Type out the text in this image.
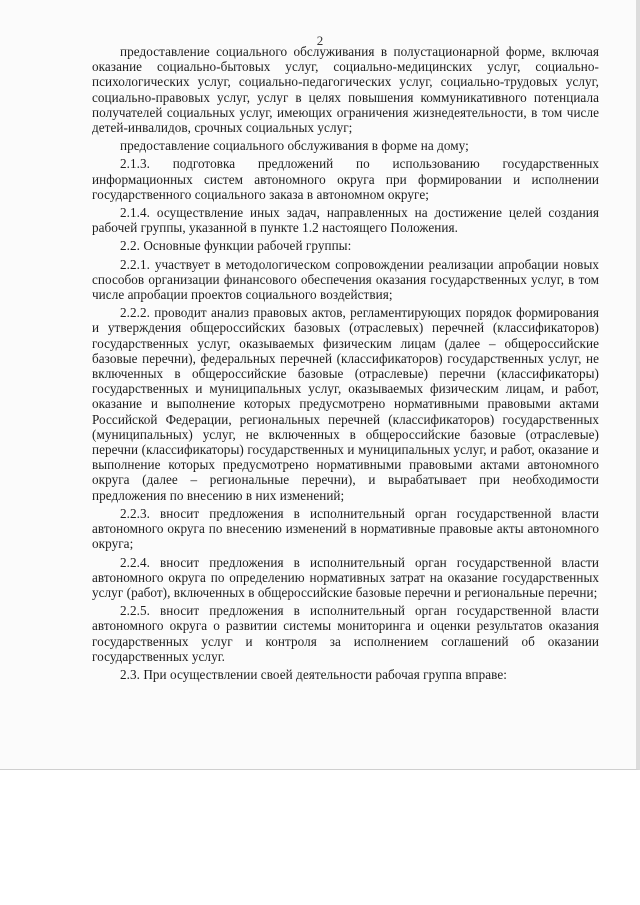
2

предоставление социального обслуживания в полустационарной форме, включая оказание социально-бытовых услуг, социально-медицинских услуг, социально-психологических услуг, социально-педагогических услуг, социально-трудовых услуг, социально-правовых услуг, услуг в целях повышения коммуникативного потенциала получателей социальных услуг, имеющих ограничения жизнедеятельности, в том числе детей-инвалидов, срочных социальных услуг;

предоставление социального обслуживания в форме на дому;

2.1.3. подготовка предложений по использованию государственных информационных систем автономного округа при формировании и исполнении государственного социального заказа в автономном округе;

2.1.4. осуществление иных задач, направленных на достижение целей создания рабочей группы, указанной в пункте 1.2 настоящего Положения.

2.2. Основные функции рабочей группы:

2.2.1. участвует в методологическом сопровождении реализации апробации новых способов организации финансового обеспечения оказания государственных услуг, в том числе апробации проектов социального воздействия;

2.2.2. проводит анализ правовых актов, регламентирующих порядок формирования и утверждения общероссийских базовых (отраслевых) перечней (классификаторов) государственных услуг, оказываемых физическим лицам (далее – общероссийские базовые перечни), федеральных перечней (классификаторов) государственных услуг, не включенных в общероссийские базовые (отраслевые) перечни (классификаторы) государственных и муниципальных услуг, оказываемых физическим лицам, и работ, оказание и выполнение которых предусмотрено нормативными правовыми актами Российской Федерации, региональных перечней (классификаторов) государственных (муниципальных) услуг, не включенных в общероссийские базовые (отраслевые) перечни (классификаторы) государственных и муниципальных услуг, и работ, оказание и выполнение которых предусмотрено нормативными правовыми актами автономного округа (далее – региональные перечни), и вырабатывает при необходимости предложения по внесению в них изменений;

2.2.3. вносит предложения в исполнительный орган государственной власти автономного округа по внесению изменений в нормативные правовые акты автономного округа;

2.2.4. вносит предложения в исполнительный орган государственной власти автономного округа по определению нормативных затрат на оказание государственных услуг (работ), включенных в общероссийские базовые перечни и региональные перечни;

2.2.5. вносит предложения в исполнительный орган государственной власти автономного округа о развитии системы мониторинга и оценки результатов оказания государственных услуг и контроля за исполнением соглашений об оказании государственных услуг.

2.3. При осуществлении своей деятельности рабочая группа вправе:
